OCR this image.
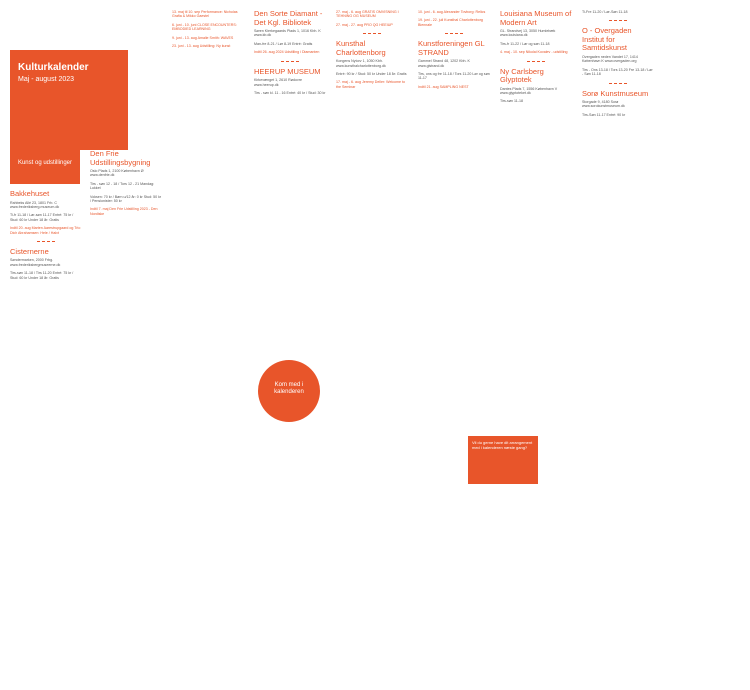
Kulturkalender
Maj - august 2023
Kunst og udstillinger
Bakkehuset

Rahbeks Allé 23, 1801 Frb. C www.frederiksberg.museum.dk

Ti-fr 11-18 / Lør-søn 11-17 Entré: 75 kr / Stud: 60 kr Under 18 år: Gratis

Indtil 20. aug Marten Aarestrupgaard og Trio Dich Abrahamsen: Hele / Halvt

Cisternerne

Søndermarken, 2000 Frbg. www.frederiksbergmuseerne.dk

Tirs-søn 11-18 / Tirs 11-20 Entré: 75 kr / Stud: 60 kr Under 18 år: Gratis

Den Frie Udstillingsbygning

Oslo Plads 1, 2100 København Ø www.denfrie.dk

Tirs - søn 12 - 18 / Tors 12 - 21 Mandag: Lukket

Voksen: 70 kr / Børn u/12 år: 0 kr Stud: 50 kr / Pensionister: 50 kr

Indtil 7. maj Den Frie Udstilling 2023 - Den Nordiske

13. maj til 10. sep Performance: Nicholas Grafia & Mikko Gaestel

6. juni - 10. juni CLOSE ENCOUNTERS: EMBODIED LEARNING

9. juni - 13. aug Amalie Smith: WAVES

23. juni - 13. aug Udstilling: Ny kunst

Den Sorte Diamant - Det Kgl. Bibliotek

Søren Kierkegaards Plads 1, 1016 Kbh. K www.kb.dk

Man-fre 8-21 / Lør 8-19 Entré: Gratis

Indtil 26. aug 2024 Udstilling i Diamanten

HEERUP MUSEUM

Kirkevænget 1, 2610 Rødovre www.heerup.dk

Tirs - søn kl. 11 - 16 Entré: 40 kr / Stud: 30 kr

27. maj - 6. aug GRATIS OMVISNING I TEHNING OG MUSEUM

27. maj - 27. aug PRO QG HEEIUP

Kunsthal Charlottenborg

Kongens Nytorv 1, 1050 Kbh. www.kunsthalcharlottenborg.dk

Entré: 90 kr / Stud: 50 kr Under 18 år: Gratis

17. maj - 6. aug Jeremy Deller: Welcome to the Seminar

10. juni - 6. aug Alexander Tovborg: Relics

19. juni - 22. juli Kunsthal Charlottenborg Biennale

Kunstforeningen GL STRAND

Gammel Strand 48, 1202 Kbh. K www.glstrand.dk

Tirs, ons og fre 11-18 / Tors 11-20 Lør og søn 11-17

Indtil 21. aug SAMPLING NEST

Louisiana Museum of Modern Art

GL. Strandvej 13, 3050 Humlebæk www.louisiana.dk

Tirs-fr 11-22 / Lør og søn 11-18

4. maj - 10. sep Nikolai Kovalev - udstilling

Ny Carlsberg Glyptotek

Dantes Plads 7, 1556 København V www.glyptoteket.dk

Tirs-søn 11-18

Ti-Fre 11-20 / Lør-Søn 11-18

O - Overgaden Institut for Samtidskunst

Overgaden neden Vandet 17, 1414 København K www.overgaden.org

Tirs - Ons 13-18 / Tors 13-20 Fre 13-18 / Lør - Søn 11-18

Sorø Kunstmuseum

Storgade 9, 4180 Sorø www.sorokunstmuseum.dk

Tirs-Søn 11-17 Entré: 90 kr

Kom med i kalenderen
Vil du gerne have dit arrangement med i kalenderen næste gang?
